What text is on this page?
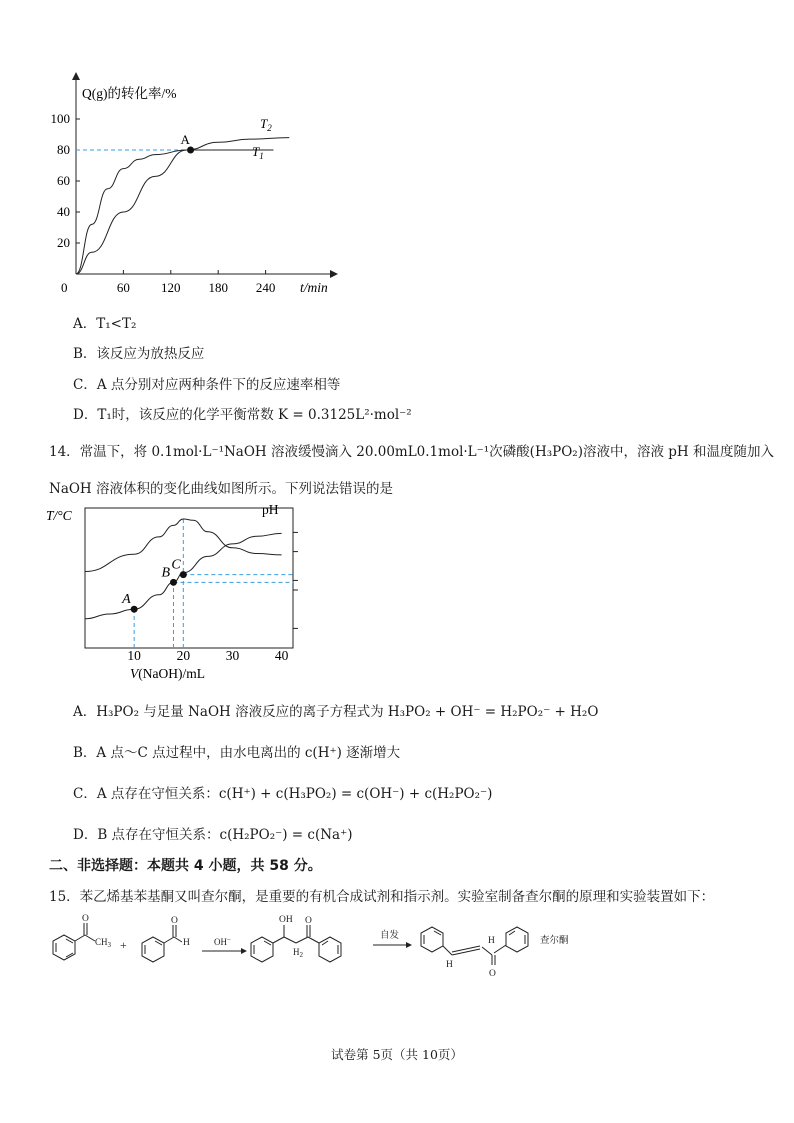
Q(g)的转化率/%
t/min
20
40
60
80
100
60 120 180 240
0
A
$T_2$
$T_1$
A．T₁<T₂
B．该反应为放热反应
C．A 点分别对应两种条件下的反应速率相等
D．T₁时，该反应的化学平衡常数 K = 0.3125L²·mol⁻²
14．常温下，将 0.1mol·L⁻¹NaOH 溶液缓慢滴入 20.00mL0.1mol·L⁻¹次磷酸(H₃PO₂)溶液中，溶液 pH 和温度随加入
NaOH 溶液体积的变化曲线如图所示。下列说法错误的是
T/°C	pH
10	20	30	40
V(NaOH)/mL
A
B
C
A．H₃PO₂ 与足量 NaOH 溶液反应的离子方程式为 H₃PO₂ + OH⁻ = H₂PO₂⁻ + H₂O
B．A 点～C 点过程中，由水电离出的 c(H⁺) 逐渐增大
C．A 点存在守恒关系：c(H⁺) + c(H₃PO₂) = c(OH⁻) + c(H₂PO₂⁻)
D．B 点存在守恒关系：c(H₂PO₂⁻) = c(Na⁺)
二、非选择题：本题共 4 小题，共 58 分。
15．苯乙烯基苯基酮又叫查尔酮，是重要的有机合成试剂和指示剂。实验室制备查尔酮的原理和实验装置如下：
O
$CH_3$ +
O
H	OH−
OH O
$H_2$
自发
H
H
O
查尔酮
试卷第 5页（共 10页）
